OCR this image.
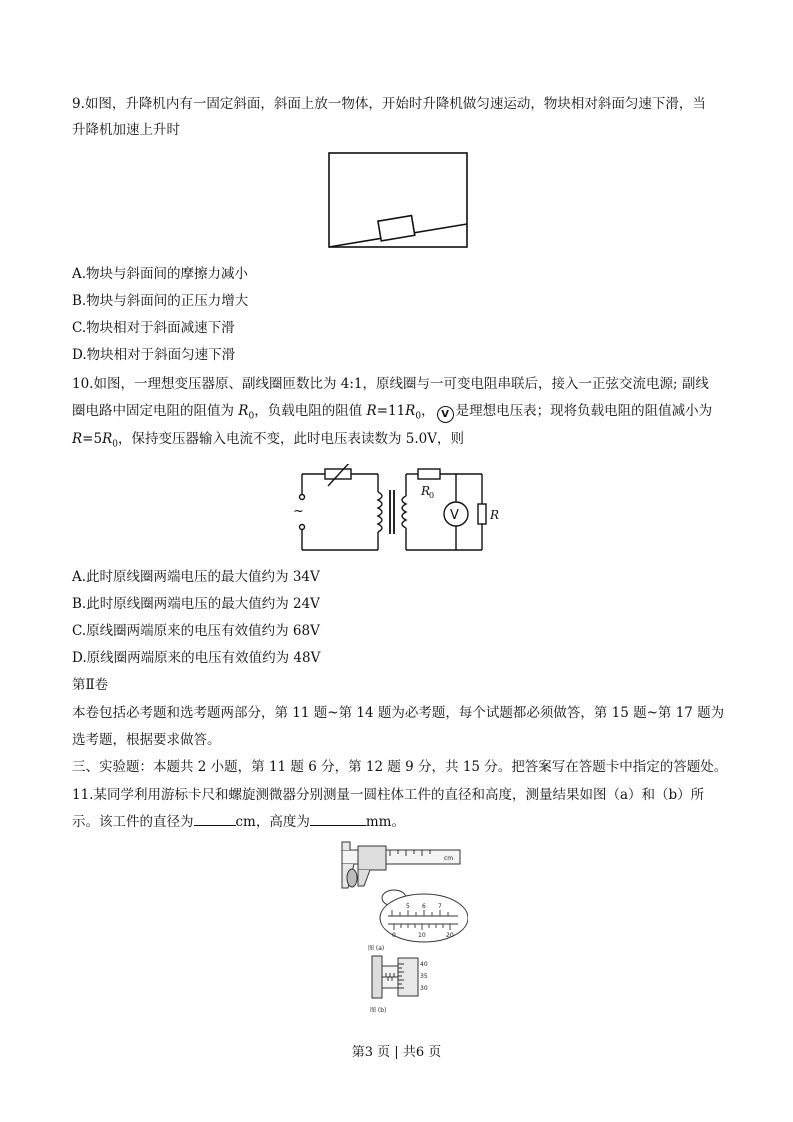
9.如图，升降机内有一固定斜面，斜面上放一物体，开始时升降机做匀速运动，物块相对斜面匀速下滑，当
升降机加速上升时
A.物块与斜面间的摩擦力减小
B.物块与斜面间的正压力增大
C.物块相对于斜面减速下滑
D.物块相对于斜面匀速下滑
10.如图，一理想变压器原、副线圈匝数比为 4:1，原线圈与一可变电阻串联后，接入一正弦交流电源; 副线
圈电路中固定电阻的阻值为 $R_0$，负载电阻的阻值 $R=11R_0$， V 是理想电压表；现将负载电阻的阻值减小为
$R=5R_0$，保持变压器输入电流不变，此时电压表读数为 5.0V，则
~
R
0
V	R
A.此时原线圈两端电压的最大值约为 34V
B.此时原线圈两端电压的最大值约为 24V
C.原线圈两端原来的电压有效值约为 68V
D.原线圈两端原来的电压有效值约为 48V
第Ⅱ卷
本卷包括必考题和选考题两部分，第 11 题~第 14 题为必考题，每个试题都必须做答，第 15 题~第 17 题为
选考题，根据要求做答。
三、实验题：本题共 2 小题，第 11 题 6 分，第 12 题 9 分，共 15 分。把答案写在答题卡中指定的答题处。
11.某同学利用游标卡尺和螺旋测微器分别测量一圆柱体工件的直径和高度，测量结果如图（a）和（b）所
示。该工件的直径为	cm，高度为	mm。
5 6 7
0	10	20
cm
图 (a)
40
35
30
图 (b)
第3 页 | 共6 页
